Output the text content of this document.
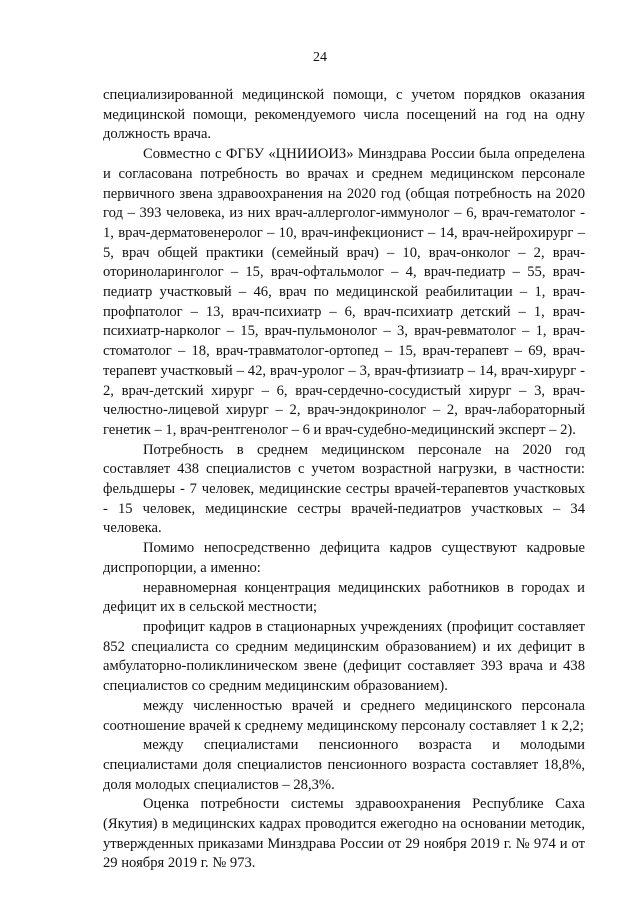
24

специализированной медицинской помощи, с учетом порядков оказания медицинской помощи, рекомендуемого числа посещений на год на одну должность врача.

Совместно с ФГБУ «ЦНИИОИЗ» Минздрава России была определена и согласована потребность во врачах и среднем медицинском персонале первичного звена здравоохранения на 2020 год (общая потребность на 2020 год – 393 человека, из них врач-аллерголог-иммунолог – 6, врач-гематолог - 1, врач-дерматовенеролог – 10, врач-инфекционист – 14, врач-нейрохирург – 5, врач общей практики (семейный врач) – 10, врач-онколог – 2, врач-оториноларинголог – 15, врач-офтальмолог – 4, врач-педиатр – 55, врач-педиатр участковый – 46, врач по медицинской реабилитации – 1, врач-профпатолог – 13, врач-психиатр – 6, врач-психиатр детский – 1, врач-психиатр-нарколог – 15, врач-пульмонолог – 3, врач-ревматолог – 1, врач-стоматолог – 18, врач-травматолог-ортопед – 15, врач-терапевт – 69, врач-терапевт участковый – 42, врач-уролог – 3, врач-фтизиатр – 14, врач-хирург - 2, врач-детский хирург – 6, врач-сердечно-сосудистый хирург – 3, врач-челюстно-лицевой хирург – 2, врач-эндокринолог – 2, врач-лабораторный генетик – 1, врач-рентгенолог – 6 и врач-судебно-медицинский эксперт – 2).

Потребность в среднем медицинском персонале на 2020 год составляет 438 специалистов с учетом возрастной нагрузки, в частности: фельдшеры - 7 человек, медицинские сестры врачей-терапевтов участковых - 15 человек, медицинские сестры врачей-педиатров участковых – 34 человека.

Помимо непосредственно дефицита кадров существуют кадровые диспропорции, а именно:

неравномерная концентрация медицинских работников в городах и дефицит их в сельской местности;

профицит кадров в стационарных учреждениях (профицит составляет 852 специалиста со средним медицинским образованием) и их дефицит в амбулаторно-поликлиническом звене (дефицит составляет 393 врача и 438 специалистов со средним медицинским образованием).

между численностью врачей и среднего медицинского персонала соотношение врачей к среднему медицинскому персоналу составляет 1 к 2,2;

между специалистами пенсионного возраста и молодыми специалистами доля специалистов пенсионного возраста составляет 18,8%, доля молодых специалистов – 28,3%.

Оценка потребности системы здравоохранения Республике Саха (Якутия) в медицинских кадрах проводится ежегодно на основании методик, утвержденных приказами Минздрава России от 29 ноября 2019 г. № 974 и от 29 ноября 2019 г. № 973.
